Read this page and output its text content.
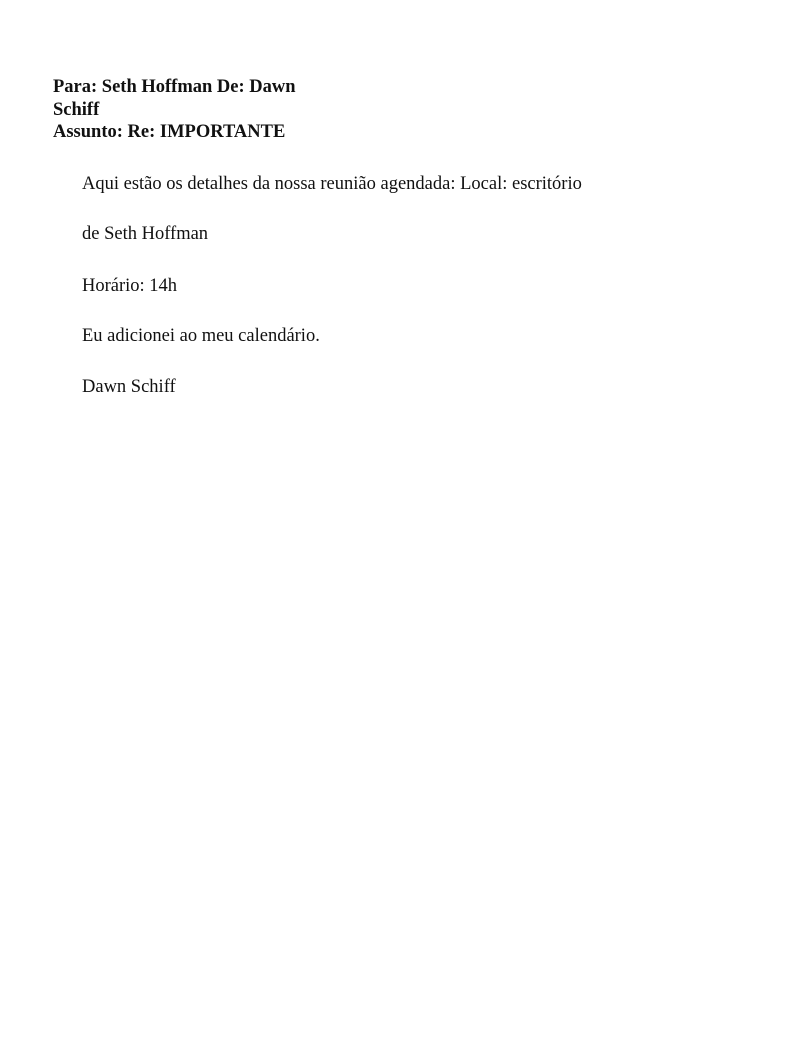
Para: Seth Hoffman De: Dawn
Schiff
Assunto: Re: IMPORTANTE
Aqui estão os detalhes da nossa reunião agendada: Local: escritório
de Seth Hoffman
Horário: 14h
Eu adicionei ao meu calendário.
Dawn Schiff
